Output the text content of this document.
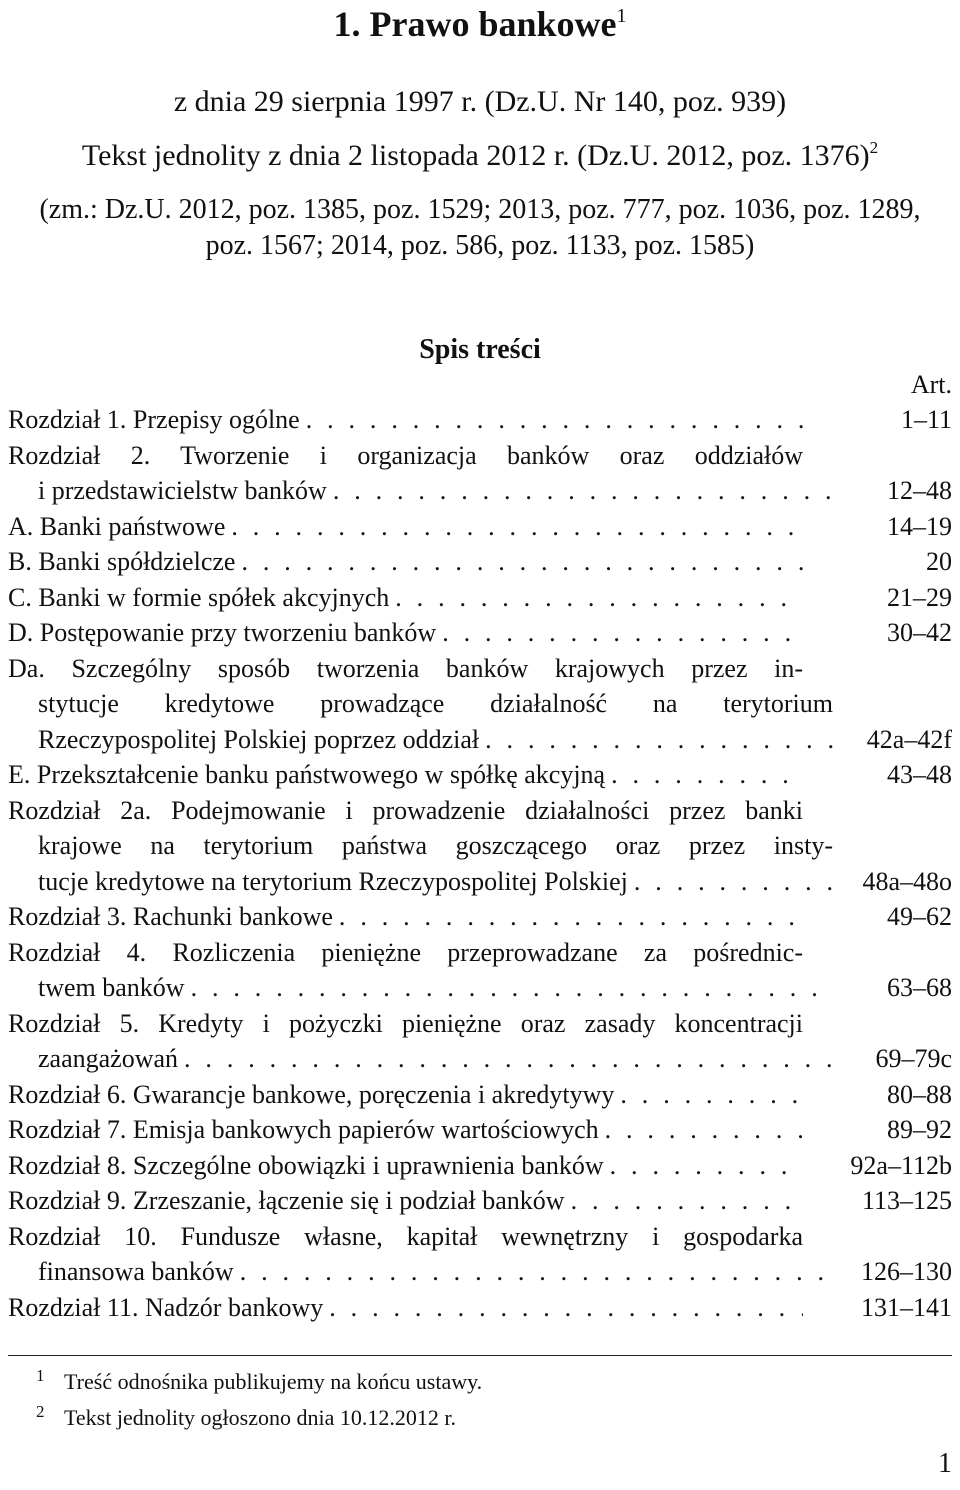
1. Prawo bankowe$^1$
z dnia 29 sierpnia 1997 r. (Dz.U. Nr 140, poz. 939)
Tekst jednolity z dnia 2 listopada 2012 r. (Dz.U. 2012, poz. 1376)$^2$
(zm.: Dz.U. 2012, poz. 1385, poz. 1529; 2013, poz. 777, poz. 1036, poz. 1289,
poz. 1567; 2014, poz. 586, poz. 1133, poz. 1585)
Spis treści
Art.
Rozdział 1. Przepisy ogólne . . .	1–11
Rozdział 2. Tworzenie i organizacja banków oraz oddziałów
i przedstawicielstw banków . . .	12–48
A. Banki państwowe . . .	14–19
B. Banki spółdzielcze . . .	20
C. Banki w formie spółek akcyjnych . . .	21–29
D. Postępowanie przy tworzeniu banków . . .	30–42
Da. Szczególny sposób tworzenia banków krajowych przez in-
stytucje kredytowe prowadzące działalność na terytorium
Rzeczypospolitej Polskiej poprzez oddział . . .	42a–42f
E. Przekształcenie banku państwowego w spółkę akcyjną . . .	43–48
Rozdział 2a. Podejmowanie i prowadzenie działalności przez banki
krajowe na terytorium państwa goszczącego oraz przez insty-
tucje kredytowe na terytorium Rzeczypospolitej Polskiej . . .	48a–48o
Rozdział 3. Rachunki bankowe . . .	49–62
Rozdział 4. Rozliczenia pieniężne przeprowadzane za pośrednic-
twem banków . . .	63–68
Rozdział 5. Kredyty i pożyczki pieniężne oraz zasady koncentracji
zaangażowań . . .	69–79c
Rozdział 6. Gwarancje bankowe, poręczenia i akredytywy . . .	80–88
Rozdział 7. Emisja bankowych papierów wartościowych . . .	89–92
Rozdział 8. Szczególne obowiązki i uprawnienia banków . . .	92a–112b
Rozdział 9. Zrzeszanie, łączenie się i podział banków . . .	113–125
Rozdział 10. Fundusze własne, kapitał wewnętrzny i gospodarka
finansowa banków . . .	126–130
Rozdział 11. Nadzór bankowy . . .	131–141
1 Treść odnośnika publikujemy na końcu ustawy.
2 Tekst jednolity ogłoszono dnia 10.12.2012 r.
1
